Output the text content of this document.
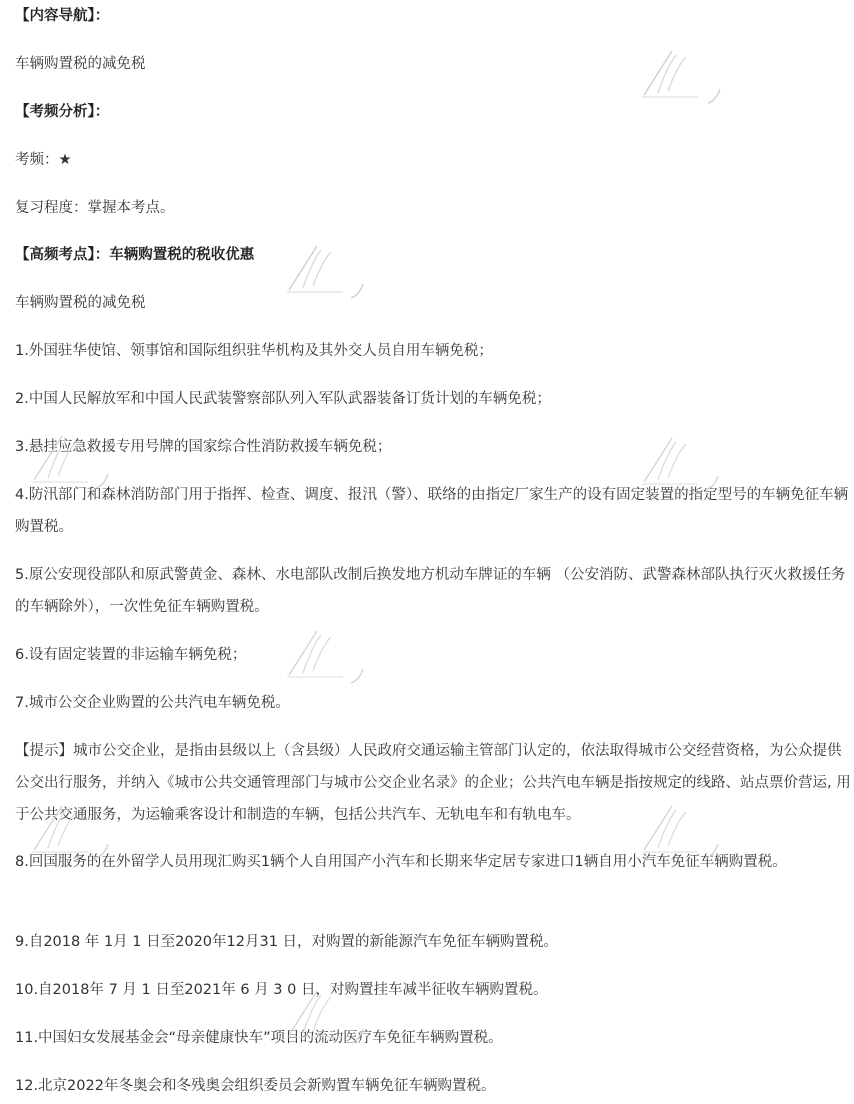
【内容导航】：
车辆购置税的减免税
【考频分析】：
考频：★
复习程度：掌握本考点。
【高频考点】：车辆购置税的税收优惠
车辆购置税的减免税
1.外国驻华使馆、领事馆和国际组织驻华机构及其外交人员自用车辆免税；
2.中国人民解放军和中国人民武装警察部队列入军队武器装备订货计划的车辆免税；
3.悬挂应急救援专用号牌的国家综合性消防救援车辆免税；
4.防汛部门和森林消防部门用于指挥、检查、调度、报汛（警）、联络的由指定厂家生产的设有固定装置的指定型号的车辆免征车辆购置税。
5.原公安现役部队和原武警黄金、森林、水电部队改制后换发地方机动车牌证的车辆 （公安消防、武警森林部队执行灭火救援任务的车辆除外），一次性免征车辆购置税。
6.设有固定装置的非运输车辆免税；
7.城市公交企业购置的公共汽电车辆免税。
【提示】城市公交企业，是指由县级以上（含县级）人民政府交通运输主管部门认定的，依法取得城市公交经营资格，为公众提供公交出行服务，并纳入《城市公共交通管理部门与城市公交企业名录》的企业；公共汽电车辆是指按规定的线路、站点票价营运, 用于公共交通服务，为运输乘客设计和制造的车辆，包括公共汽车、无轨电车和有轨电车。
8.回国服务的在外留学人员用现汇购买1辆个人自用国产小汽车和长期来华定居专家进口1辆自用小汽车免征车辆购置税。
9.自2018 年 1月 1 日至2020年12月31 日，对购置的新能源汽车免征车辆购置税。
10.自2018年 7 月 1 日至2021年 6 月 3 0 日，对购置挂车减半征收车辆购置税。
11.中国妇女发展基金会“母亲健康快车”项目的流动医疗车免征车辆购置税。
12.北京2022年冬奥会和冬残奥会组织委员会新购置车辆免征车辆购置税。
